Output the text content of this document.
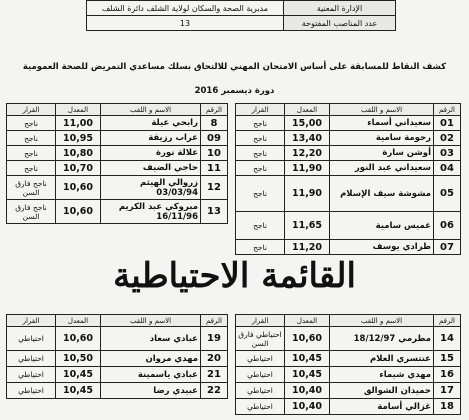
الإدارة المعنية	مديرية الصحة والسكان لولاية الشلف دائرة الشلف
عدد المناصب المفتوحة	13
كشف النقاط للمسابقة على أساس الامتحان المهني للالتحاق بسلك مساعدي التمريض للصحة العمومية
دورة ديسمبر 2016
الرقم	الاسم و اللقب	المعدل	القرار
01	سعيداني أسماء	15,00	ناجح
02	رحومة سامية	13,40	ناجح
03	أوشن سارة	12,20	ناجح
04	سعيداني عبد النور	11,90	ناجح
05	مشوشة سيف الإسلام	11,90	ناجح
06	غميس سامية	11,65	ناجح
07	طرادي يوسف	11,20	ناجح
الرقم	الاسم و اللقب	المعدل	القرار
8	رابحي عيلة	11,00	ناجح
09	عراب رزيقة	10,95	ناجح
10	علالة نورة	10,80	ناجح
11	حاجي الضيف	10,70	ناجح
12	زروالي الهيثم 03/03/94	10,60	ناجح فارق السن
13	مبروكي عبد الكريم 16/11/96	10,60	ناجح فارق السن
القائمة الاحتياطية
الرقم	الاسم و اللقب	المعدل	القرار
14	مطرمي 18/12/97	10,60	احتياطي فارق السن
15	عنتسري العلام	10,45	احتياطي
16	مهدي شيماء	10,45	احتياطي
17	حميدان الشوالق	10,40	احتياطي
18	غزالي أسامة	10,40	احتياطي
الرقم	الاسم و اللقب	المعدل	القرار
19	عبادي سعاد	10,60	احتياطي
20	مهدي مروان	10,50	احتياطي
21	عبادي ياسمينة	10,45	احتياطي
22	عبيدي رضا	10,45	احتياطي
